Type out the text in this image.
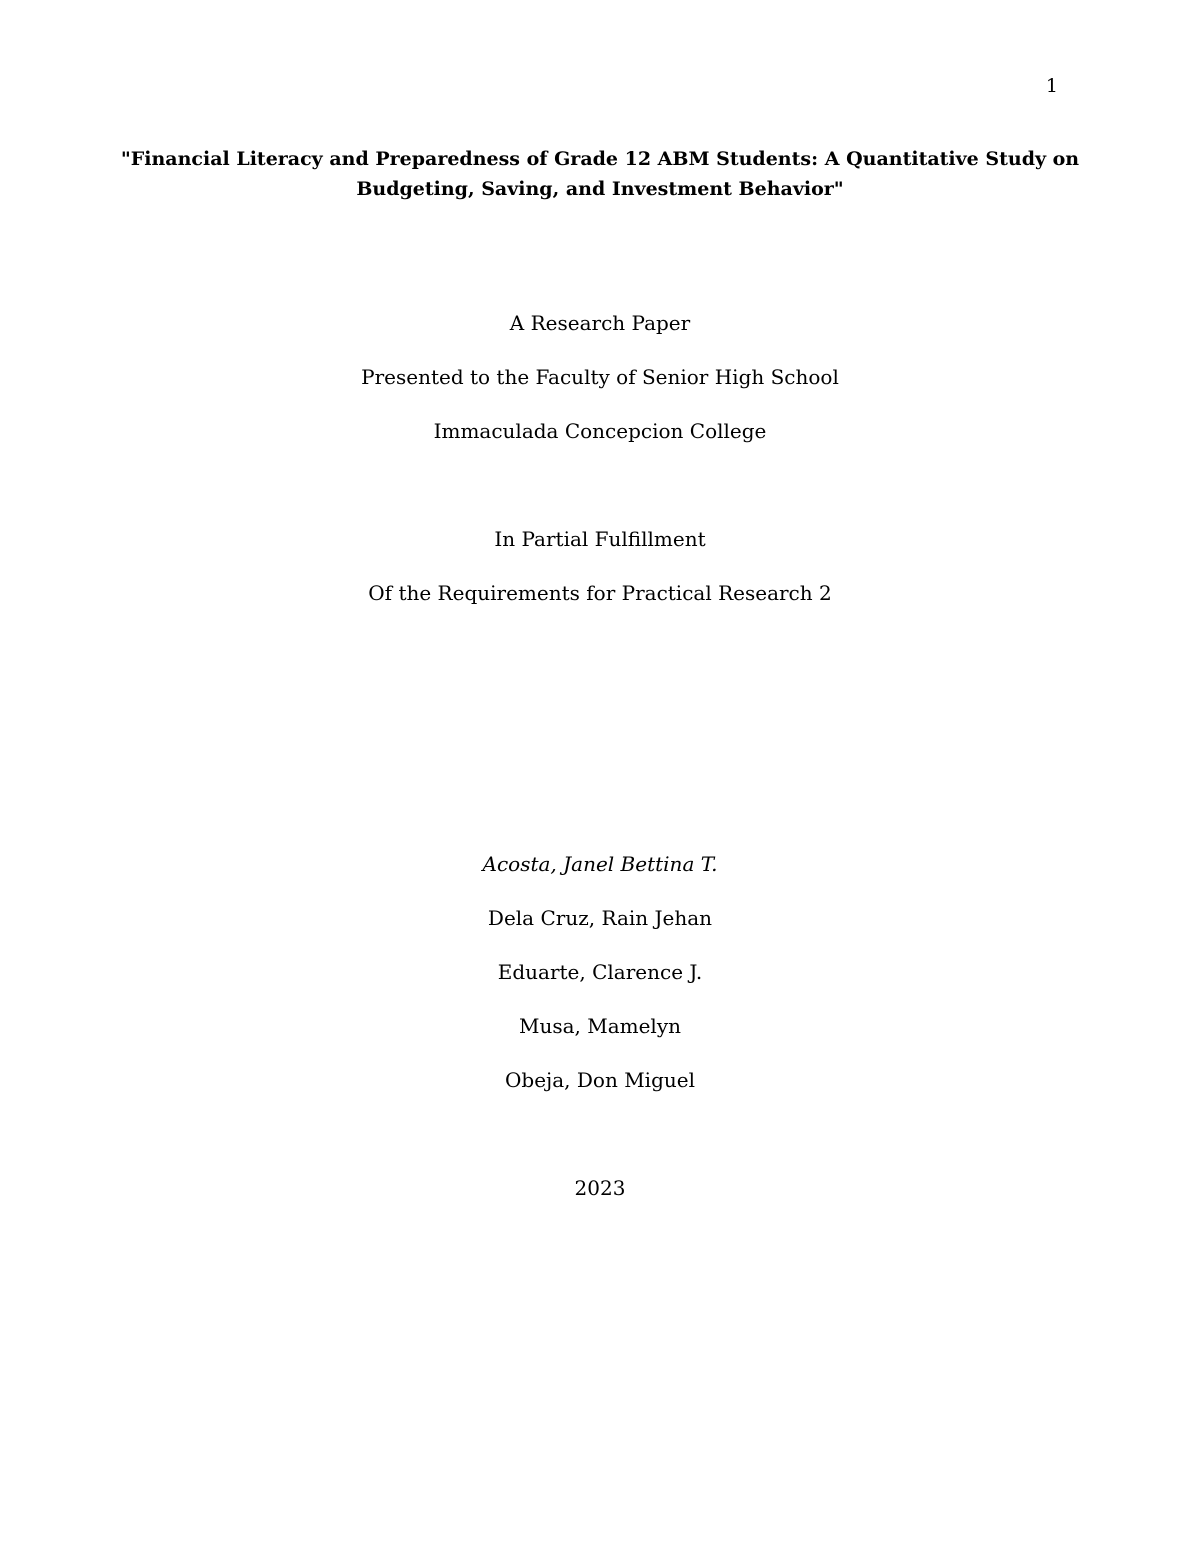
1
"Financial Literacy and Preparedness of Grade 12 ABM Students: A Quantitative Study on Budgeting, Saving, and Investment Behavior"

A Research Paper

Presented to the Faculty of Senior High School

Immaculada Concepcion College

In Partial Fulfillment

Of the Requirements for Practical Research 2

Acosta, Janel Bettina T.

Dela Cruz, Rain Jehan

Eduarte, Clarence J.

Musa, Mamelyn

Obeja, Don Miguel

2023
